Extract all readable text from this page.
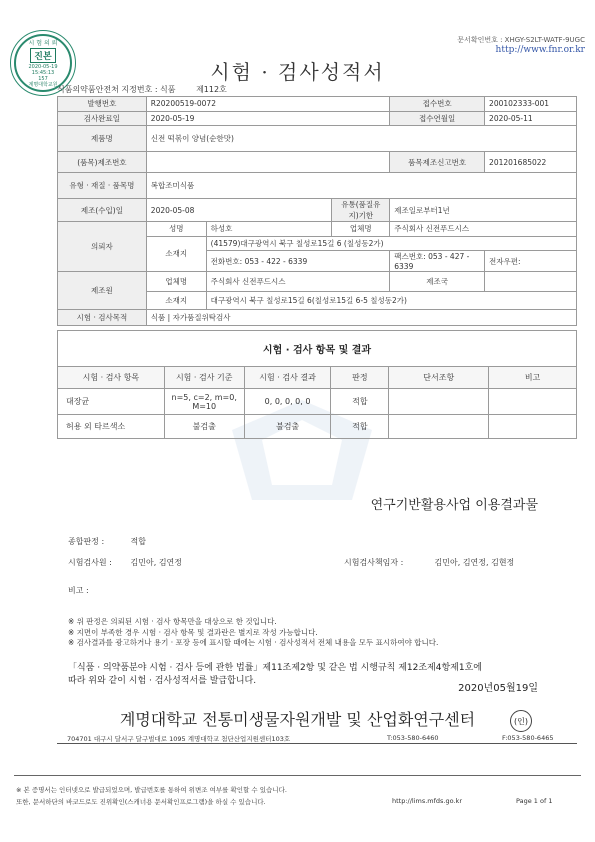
시 험 의 뢰
진본
2020-05-19
15:45:13
157
계명대학교원
문서확인번호 : XHGY-S2LT-WATF-9UGC
http://www.fnr.or.kr
시험 · 검사성적서
식품의약품안전처 지정번호 : 식품	제112호
발행번호	R20200519-0072			접수번호	200102333-001
검사완료일	2020-05-19			접수연월일	2020-05-11
제품명	신전 떡볶이 양념(순한맛)				
(품목)제조번호				품목제조신고번호	201201685022
유형 · 재질 · 품목명	복합조미식품				
제조(수입)일	2020-05-08		유통(품질유지)기한	제조일로부터1년	
의뢰자	성명	하성호	업체명	주식회사 신전푸드시스	
	소재지	(41579)대구광역시 북구 칠성로15길 6 (칠성동2가)			
		전화번호: 053 - 422 - 6339		팩스번호: 053 - 427 - 6339	전자우편:
제조원	업체명	주식회사 신전푸드시스		제조국	
	소재지	대구광역시 북구 칠성로15길 6(칠성로15길 6-5 칠성동2가)			
시험 · 검사목적	식품 | 자가품질위탁검사				
시험 · 검사 항목 및 결과
시험 · 검사 항목	시험 · 검사 기준	시험 · 검사 결과	판정	단서조항	비고
대장균	n=5, c=2, m=0,
M=10	0, 0, 0, 0, 0	적합		
허용 외 타르색소	불검출	불검출	적합		
연구기반활용사업 이용결과물
종합판정 :	적합
시험검사원 : 김민아, 김연정	시험검사책임자 :	김민아, 김연정, 김현정
비고 :
※ 위 판정은 의뢰된 시험 · 검사 항목만을 대상으로 한 것입니다.
※ 지면이 부족한 경우 시험 · 검사 항목 및 결과란은 별지로 작성 가능합니다.
※ 검사결과를 광고하거나 용기 · 포장 등에 표시할 때에는 시험 · 검사성적서 전체 내용을 모두 표시하여야 합니다.
「식품 · 의약품분야 시험 · 검사 등에 관한 법률」제11조제2항 및 같은 법 시행규칙 제12조제4항제1호에
따라 위와 같이 시험 · 검사성적서를 발급합니다.
2020년05월19일
계명대학교 전통미생물자원개발 및 산업화연구센터	(인)
704701 대구시 달서구 달구벌대로 1095 계명대학교 첨단산업지원센터103호	T:053-580-6460	F:053-580-6465
※ 본 증명서는 인터넷으로 발급되었으며, 발급번호를 통하여 위변조 여부를 확인할 수 있습니다.
또한, 문서하단의 바코드로도 진위확인(스캐너용 문서확인프로그램)을 하실 수 있습니다.	http://lims.mfds.go.kr	Page 1 of 1
